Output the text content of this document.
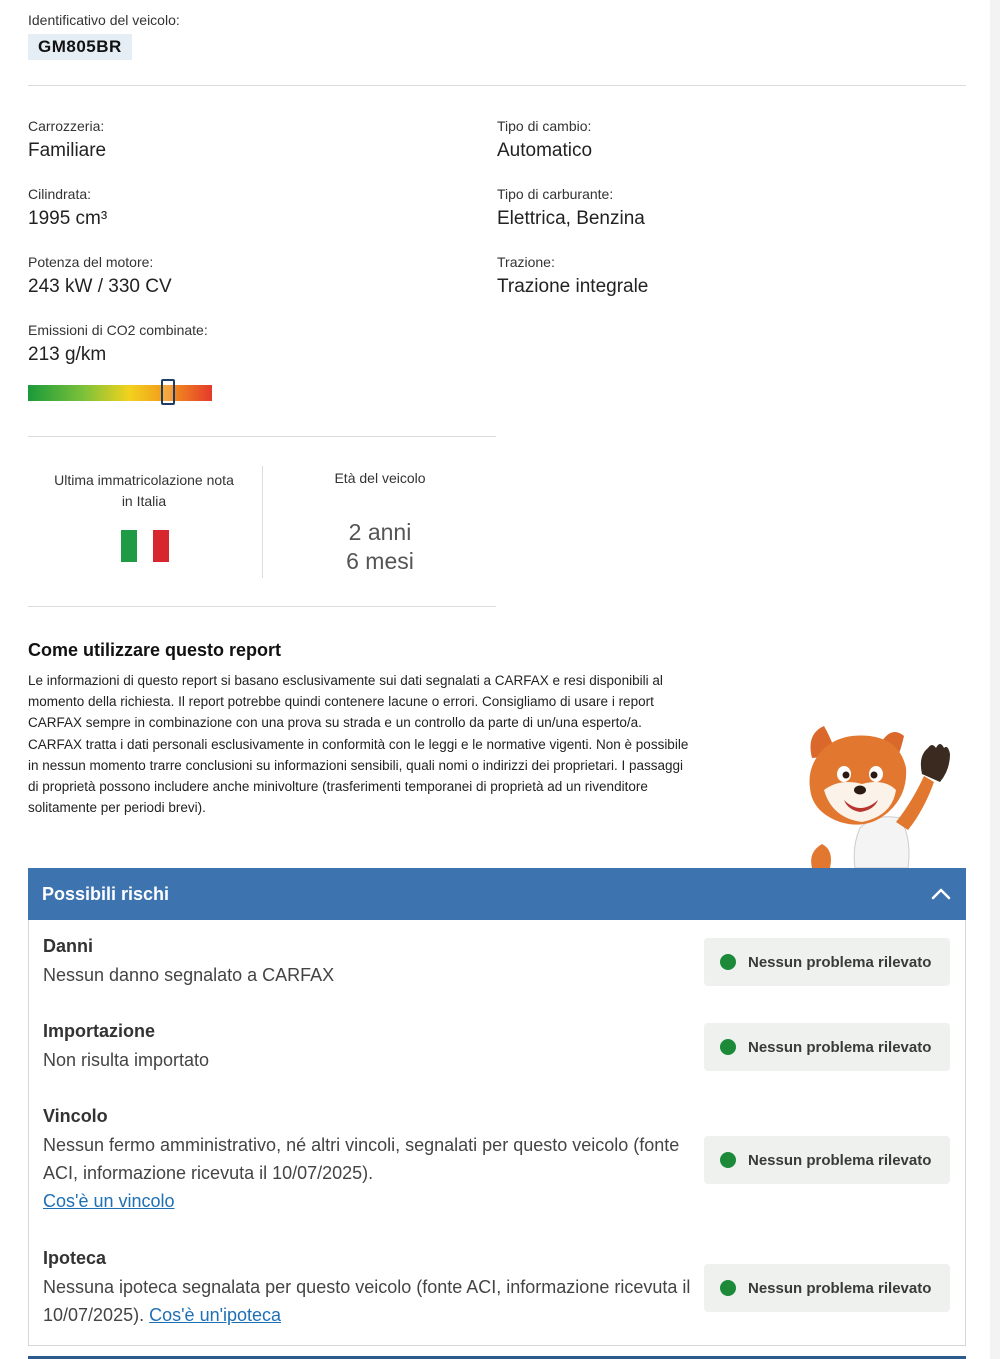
Identificativo del veicolo:
GM805BR
Carrozzeria:
Familiare
Tipo di cambio:
Automatico
Cilindrata:
1995 cm³
Tipo di carburante:
Elettrica, Benzina
Potenza del motore:
243 kW / 330 CV
Trazione:
Trazione integrale
Emissioni di CO2 combinate:
213 g/km
Ultima immatricolazione nota
in Italia
Età del veicolo
2 anni
6 mesi
Come utilizzare questo report

Le informazioni di questo report si basano esclusivamente sui dati segnalati a CARFAX e resi disponibili al momento della richiesta. Il report potrebbe quindi contenere lacune o errori. Consigliamo di usare i report CARFAX sempre in combinazione con una prova su strada e un controllo da parte di un/una esperto/a. CARFAX tratta i dati personali esclusivamente in conformità con le leggi e le normative vigenti. Non è possibile in nessun momento trarre conclusioni su informazioni sensibili, quali nomi o indirizzi dei proprietari. I passaggi di proprietà possono includere anche minivolture (trasferimenti temporanei di proprietà ad un rivenditore solitamente per periodi brevi).

Possibili rischi
Danni
Nessun danno segnalato a CARFAX
Nessun problema rilevato
Importazione
Non risulta importato
Nessun problema rilevato
Vincolo
Nessun fermo amministrativo, né altri vincoli, segnalati per questo veicolo (fonte ACI, informazione ricevuta il 10/07/2025).
Cos'è un vincolo
Nessun problema rilevato
Ipoteca
Nessuna ipoteca segnalata per questo veicolo (fonte ACI, informazione ricevuta il 10/07/2025). Cos'è un'ipoteca
Nessun problema rilevato
